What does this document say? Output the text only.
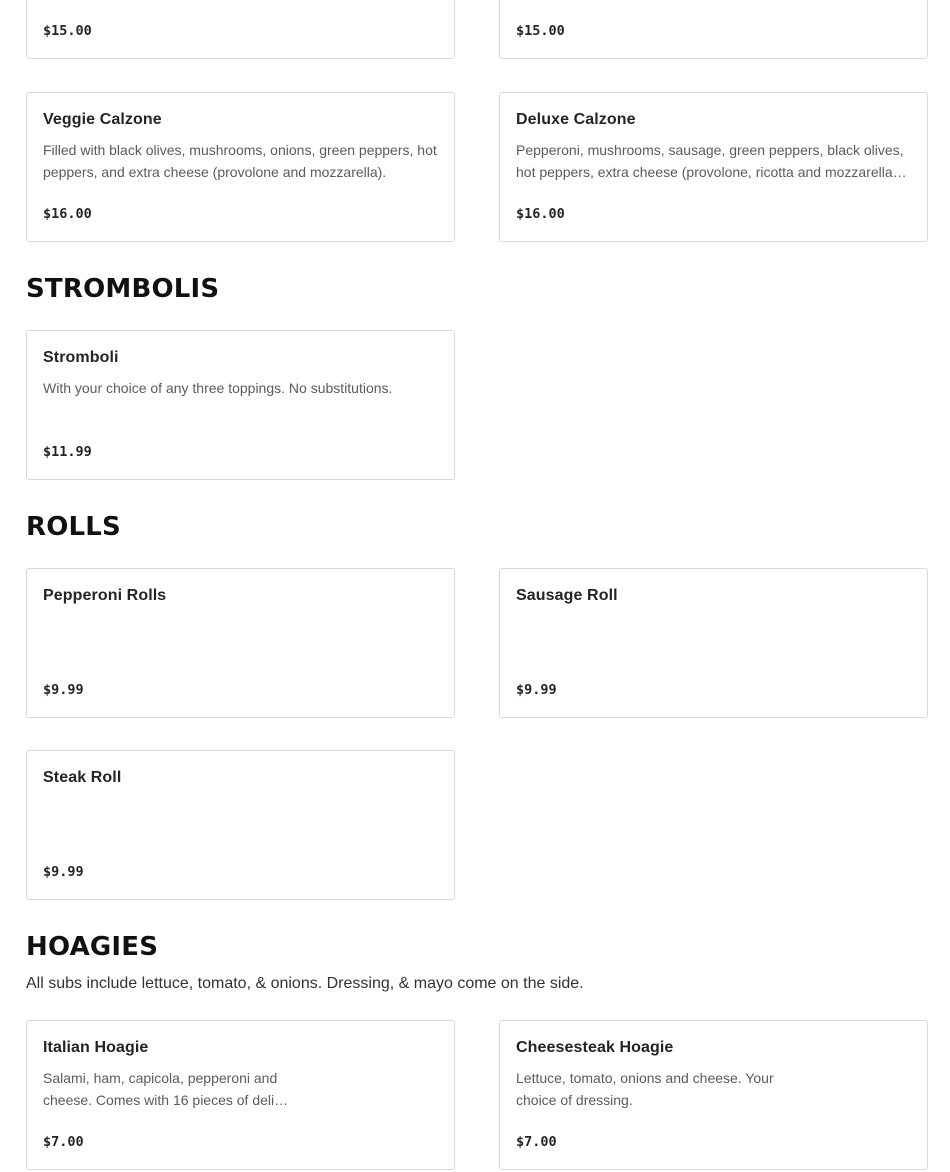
$15.00	$15.00
Veggie Calzone
Filled with black olives, mushrooms, onions, green peppers, hot peppers, and extra cheese (provolone and mozzarella).
$16.00
Deluxe Calzone
Pepperoni, mushrooms, sausage, green peppers, black olives, hot peppers, extra cheese (provolone, ricotta and mozzarella…
$16.00
STROMBOLIS
Stromboli
With your choice of any three toppings. No substitutions.
$11.99
ROLLS
Pepperoni Rolls
$9.99
Sausage Roll
$9.99
Steak Roll
$9.99
HOAGIES

All subs include lettuce, tomato, & onions. Dressing, & mayo come on the side.

Italian Hoagie
Salami, ham, capicola, pepperoni and cheese. Comes with 16 pieces of deli…
$7.00
Cheesesteak Hoagie
Lettuce, tomato, onions and cheese. Your choice of dressing.
$7.00
